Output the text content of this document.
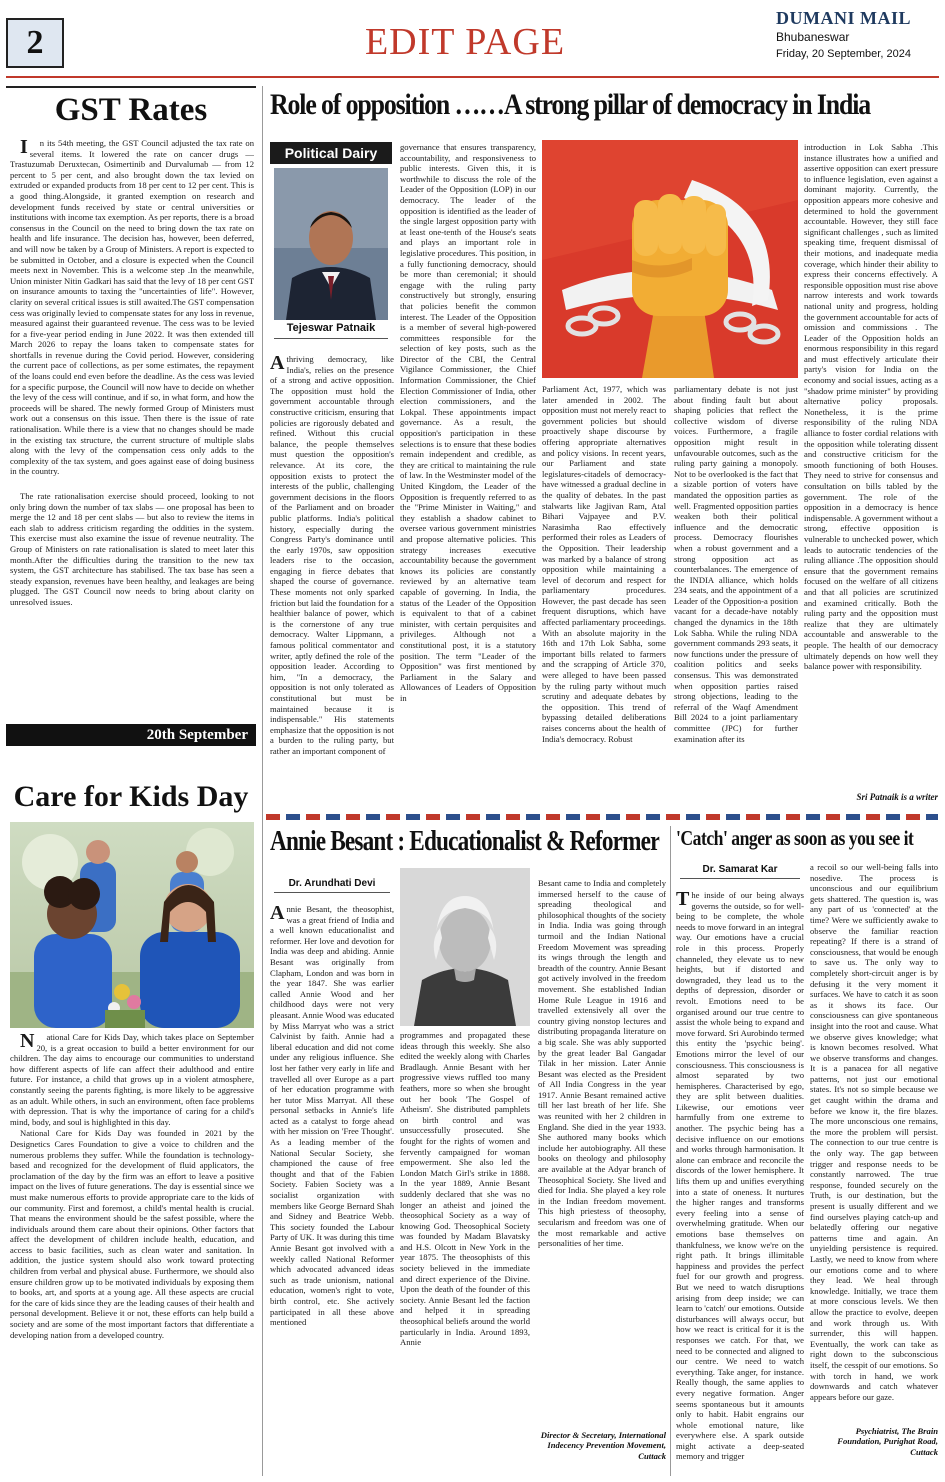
2	EDIT PAGE
DUMANI MAIL
Bhubaneswar
Friday, 20 September, 2024
GST Rates

In its 54th meeting, the GST Council adjusted the tax rate on several items. It lowered the rate on cancer drugs — Trastuzumab Deruxtecan, Osimertinib and Durvalumab — from 12 percent to 5 per cent, and also brought down the tax levied on extruded or expanded products from 18 per cent to 12 per cent. This is a good thing.Alongside, it granted exemption on research and development funds received by state or central universities or institutions with income tax exemption. As per reports, there is a broad consensus in the Council on the need to bring down the tax rate on health and life insurance. The decision has, however, been deferred, and will now be taken by a Group of Ministers. A report is expected to be submitted in October, and a closure is expected when the Council meets next in November. This is a welcome step .In the meanwhile, Union minister Nitin Gadkari has said that the levy of 18 per cent GST on insurance amounts to taxing the "uncertainties of life". However, clarity on several critical issues is still awaited.The GST compensation cess was originally levied to compensate states for any loss in revenue, measured against their guaranteed revenue. The cess was to be levied for a five-year period ending in June 2022. It was then extended till March 2026 to repay the loans taken to compensate states for shortfalls in revenue during the Covid period. However, considering the current pace of collections, as per some estimates, the repayment of the loans could end even before the deadline. As the cess was levied for a specific purpose, the Council will now have to decide on whether the levy of the cess will continue, and if so, in what form, and how the proceeds will be shared. The newly formed Group of Ministers must work out a consensus on this issue. Then there is the issue of rate rationalisation. While there is a view that no changes should be made in the existing tax structure, the current structure of multiple slabs along with the levy of the compensation cess only adds to the complexity of the tax system, and goes against ease of doing business in the country.

The rate rationalisation exercise should proceed, looking to not only bring down the number of tax slabs — one proposal has been to merge the 12 and 18 per cent slabs — but also to review the items in each slab to address criticism regarding the oddities in the system. This exercise must also examine the issue of revenue neutrality. The Group of Ministers on rate rationalisation is slated to meet later this month.After the difficulties during the transition to the new tax system, the GST architecture has stabilised. The tax base has seen a steady expansion, revenues have been healthy, and leakages are being plugged. The GST Council now needs to bring about clarity on unresolved issues.

20th September
Care for Kids Day

National Care for Kids Day, which takes place on September 20, is a great occasion to build a better environment for our children. The day aims to encourage our communities to understand how different aspects of life can affect their adulthood and entire future. For instance, a child that grows up in a violent atmosphere, constantly seeing the parents fighting, is more likely to be aggressive as an adult. While others, in such an environment, often face problems with depression. That is why the importance of caring for a child's mind, body, and soul is highlighted in this day.

National Care for Kids Day was founded in 2021 by the Designetics Cares Foundation to give a voice to children and the numerous problems they suffer. While the foundation is technology-based and recognized for the development of fluid applicators, the proclamation of the day by the firm was an effort to leave a positive impact on the lives of future generations. The day is essential since we must make numerous efforts to provide appropriate care to the kids of our community. First and foremost, a child's mental health is crucial. That means the environment should be the safest possible, where the individuals around them care about their opinions. Other factors that affect the development of children include health, education, and access to basic facilities, such as clean water and sanitation. In addition, the justice system should also work toward protecting children from verbal and physical abuse. Furthermore, we should also ensure children grow up to be motivated individuals by exposing them to books, art, and sports at a young age. All these aspects are crucial for the care of kids since they are the leading causes of their health and personal development. Believe it or not, these efforts can help build a society and are some of the most important factors that differentiate a developing nation from a developed country.

Role of opposition ……A strong pillar of democracy in India
Political Dairy
Tejeswar Patnaik
Athriving democracy, like India's, relies on the presence of a strong and active opposition. The opposition must hold the government accountable through constructive criticism, ensuring that policies are rigorously debated and refined. Without this crucial balance, the people themselves must question the opposition's relevance. At its core, the opposition exists to protect the interests of the public, challenging government decisions in the floors of the Parliament and on broader public platforms. India's political history, especially during the Congress Party's dominance until the early 1970s, saw opposition leaders rise to the occasion, engaging in fierce debates that shaped the course of governance. These moments not only sparked friction but laid the foundation for a healthier balance of power, which is the cornerstone of any true democracy. Walter Lippmann, a famous political commentator and writer, aptly defined the role of the opposition leader. According to him, "In a democracy, the opposition is not only tolerated as constitutional but must be maintained because it is indispensable." His statements emphasize that the opposition is not a burden to the ruling party, but rather an important component of
governance that ensures transparency, accountability, and responsiveness to public interests. Given this, it is worthwhile to discuss the role of the Leader of the Opposition (LOP) in our democracy. The leader of the opposition is identified as the leader of the single largest opposition party with at least one-tenth of the House's seats and plays an important role in legislative procedures. This position, in a fully functioning democracy, should be more than ceremonial; it should engage with the ruling party constructively but strongly, ensuring that policies benefit the common interest. The Leader of the Opposition is a member of several high-powered committees responsible for the selection of key posts, such as the Director of the CBI, the Central Vigilance Commissioner, the Chief Information Commissioner, the Chief Election Commissioner of India, other election commissioners, and the Lokpal. These appointments impact governance. As a result, the opposition's participation in these selections is to ensure that these bodies remain independent and credible, as they are critical to maintaining the rule of law. In the Westminster model of the United Kingdom, the Leader of the Opposition is frequently referred to as the "Prime Minister in Waiting," and they establish a shadow cabinet to oversee various government ministries and propose alternative policies. This strategy increases executive accountability because the government knows its policies are constantly reviewed by an alternative team capable of governing. In India, the status of the Leader of the Opposition is equivalent to that of a cabinet minister, with certain perquisites and privileges. Although not a constitutional post, it is a statutory position. The term "Leader of the Opposition" was first mentioned by Parliament in the Salary and Allowances of Leaders of Opposition in
Parliament Act, 1977, which was later amended in 2002. The opposition must not merely react to government policies but should proactively shape discourse by offering appropriate alternatives and policy visions. In recent years, our Parliament and state legislatures-citadels of democracy-have witnessed a gradual decline in the quality of debates. In the past stalwarts like Jagjivan Ram, Atal Bihari Vajpayee and P.V. Narasimha Rao effectively performed their roles as Leaders of the Opposition. Their leadership was marked by a balance of strong opposition while maintaining a level of decorum and respect for parliamentary procedures. However, the past decade has seen frequent disruptions, which have affected parliamentary proceedings. With an absolute majority in the 16th and 17th Lok Sabha, some important bills related to farmers and the scrapping of Article 370, were alleged to have been passed by the ruling party without much scrutiny and adequate debates by the opposition. This trend of bypassing detailed deliberations raises concerns about the health of India's democracy. Robust
parliamentary debate is not just about finding fault but about shaping policies that reflect the collective wisdom of diverse voices. Furthermore, a fragile opposition might result in unfavourable outcomes, such as the ruling party gaining a monopoly. Not to be overlooked is the fact that a sizable portion of voters have mandated the opposition parties as well. Fragmented opposition parties weaken both their political influence and the democratic process. Democracy flourishes when a robust government and a strong opposition act as counterbalances. The emergence of the INDIA alliance, which holds 234 seats, and the appointment of a Leader of the Opposition-a position vacant for a decade-have notably changed the dynamics in the 18th Lok Sabha. While the ruling NDA government commands 293 seats, it now functions under the pressure of coalition politics and seeks consensus. This was demonstrated when opposition parties raised strong objections, leading to the referral of the Waqf Amendment Bill 2024 to a joint parliamentary committee (JPC) for further examination after its
introduction in Lok Sabha .This instance illustrates how a unified and assertive opposition can exert pressure to influence legislation, even against a dominant majority. Currently, the opposition appears more cohesive and determined to hold the government accountable. However, they still face significant challenges , such as limited speaking time, frequent dismissal of their motions, and inadequate media coverage, which hinder their ability to express their concerns effectively. A responsible opposition must rise above narrow interests and work towards national unity and progress, holding the government accountable for acts of omission and commissions . The Leader of the Opposition holds an enormous responsibility in this regard and must effectively articulate their party's vision for India on the economy and social issues, acting as a "shadow prime minister" by providing alternative policy proposals. Nonetheless, it is the prime responsibility of the ruling NDA alliance to foster cordial relations with the opposition while tolerating dissent and constructive criticism for the smooth functioning of both Houses. They need to strive for consensus and consultation on bills tabled by the government. The role of the opposition in a democracy is hence indispensable. A government without a strong, effective opposition is vulnerable to unchecked power, which leads to autocratic tendencies of the ruling alliance .The opposition should ensure that the government remains focused on the welfare of all citizens and that all policies are scrutinized and examined critically. Both the ruling party and the opposition must realize that they are ultimately accountable and answerable to the people. The health of our democracy ultimately depends on how well they balance power with responsibility.
Sri Patnaik is a writer
Annie Besant : Educationalist & Reformer
Dr. Arundhati Devi
Annie Besant, the theosophist, was a great friend of India and a well known educationalist and reformer. Her love and devotion for India was deep and abiding. Annie Besant was originally from Clapham, London and was born in the year 1847. She was earlier called Annie Wood and her childhood days were not very pleasant. Annie Wood was educated by Miss Marryat who was a strict Calvinist by faith. Annie had a liberal education and did not come under any religious influence. She lost her father very early in life and travelled all over Europe as a part of her education programme with her tutor Miss Marryat. All these personal setbacks in Annie's life acted as a catalyst to forge ahead with her mission on 'Free Thought'. As a leading member of the National Secular Society, she championed the cause of free thought and that of the Fabien Society. Fabien Society was a socialist organization with members like George Bernard Shah and Sidney and Beatrice Webb. This society founded the Labour Party of UK. It was during this time Annie Besant got involved with a weekly called National Reformer which advocated advanced ideas such as trade unionism, national education, women's right to vote, birth control, etc. She actively participated in all these above mentioned
programmes and propagated these ideas through this weekly. She also edited the weekly along with Charles Bradlaugh. Annie Besant with her progressive views ruffled too many feathers, more so when she brought out her book 'The Gospel of Atheism'. She distributed pamphlets on birth control and was unsuccessfully prosecuted. She fought for the rights of women and fervently campaigned for woman empowerment. She also led the London Match Girl's strike in 1888. In the year 1889, Annie Besant suddenly declared that she was no longer an atheist and joined the theosophical Society as a way of knowing God. Theosophical Society was founded by Madam Blavatsky and H.S. Olcott in New York in the year 1875. The theosophists of this society believed in the immediate and direct experience of the Divine. Upon the death of the founder of this society. Annie Besant led the faction and helped it in spreading theosophical beliefs around the world particularly in India. Around 1893, Annie
Besant came to India and completely immersed herself to the cause of spreading theological and philosophical thoughts of the society in India. India was going through turmoil and the Indian National Freedom Movement was spreading its wings through the length and breadth of the country. Annie Besant got actively involved in the freedom movement. She established Indian Home Rule League in 1916 and travelled extensively all over the country giving nonstop lectures and distributing propaganda literature on a big scale. She was ably supported by the great leader Bal Gangadar Tilak in her mission. Later Annie Besant was elected as the President of All India Congress in the year 1917. Annie Besant remained active till her last breath of her life. She was reunited with her 2 children in England. She died in the year 1933. She authored many books which include her autobiography. All these books on theology and philosophy are available at the Adyar branch of Theosophical Society. She lived and died for India. She played a key role in the Indian freedom movement. This high priestess of theosophy, secularism and freedom was one of the most remarkable and active personalities of her time.
Director & Secretary, International Indecency Prevention Movement, Cuttack
'Catch' anger as soon as you see it
Dr. Samarat Kar
The inside of our being always governs the outside, so for well-being to be complete, the whole needs to move forward in an integral way. Our emotions have a crucial role in this process. Properly channeled, they elevate us to new heights, but if distorted and downgraded, they lead us to the depths of depression, disorder or revolt. Emotions need to be organised around our true centre to assist the whole being to expand and move forward. Sri Aurobindo termed this entity the 'psychic being'. Emotions mirror the level of our consciousness. This consciousness is almost separated by two hemispheres. Characterised by ego, they are split between dualities. Likewise, our emotions veer harmfully from one extreme to another. The psychic being has a decisive influence on our emotions and works through harmonisation. It alone can embrace and reconcile the discords of the lower hemisphere. It lifts them up and unifies everything into a state of oneness. It nurtures the higher ranges and transforms every feeling into a sense of overwhelming gratitude. When our emotions base themselves on thankfulness, we know we're on the right path. It brings illimitable happiness and provides the perfect fuel for our growth and progress. But we need to watch disruptions arising from deep inside; we can learn to 'catch' our emotions. Outside disturbances will always occur, but how we react is critical for it is the responses we catch. For that, we need to be connected and aligned to our centre. We need to watch everything. Take anger, for instance. Really though, the same applies to every negative formation. Anger seems spontaneous but it amounts only to habit. Habit engrains our whole emotional nature, like everywhere else. A spark outside might activate a deep-seated memory and trigger
a recoil so our well-being falls into nosedive. The process is unconscious and our equilibrium gets shattered. The question is, was any part of us 'connected' at the time? Were we sufficiently awake to observe the familiar reaction repeating? If there is a strand of consciousness, that would be enough to save us. The only way to completely short-circuit anger is by defusing it the very moment it surfaces. We have to catch it as soon as it shows its face. Our consciousness can give spontaneous insight into the root and cause. What we observe gives knowledge; what is known becomes resolved. What we observe transforms and changes. It is a panacea for all negative patterns, not just our emotional states. It's not so simple because we get caught within the drama and before we know it, the fire blazes. The more unconscious one remains, the more the problem will persist. The connection to our true centre is the only way. The gap between trigger and response needs to be constantly narrowed. The true response, founded securely on the Truth, is our destination, but the present is usually different and we find ourselves playing catch-up and belatedly offering our negative patterns time and again. An unyielding persistence is required. Lastly, we need to know from where our emotions come and to where they lead. We heal through knowledge. Initially, we trace them at more conscious levels. We then allow the practice to evolve, deepen and work through us. With surrender, this will happen. Eventually, the work can take as right down to the subconscious itself, the cesspit of our emotions. So with torch in hand, we work downwards and catch whatever appears before our gaze.
Psychiatrist, The Brain Foundation, Purighat Road, Cuttack
